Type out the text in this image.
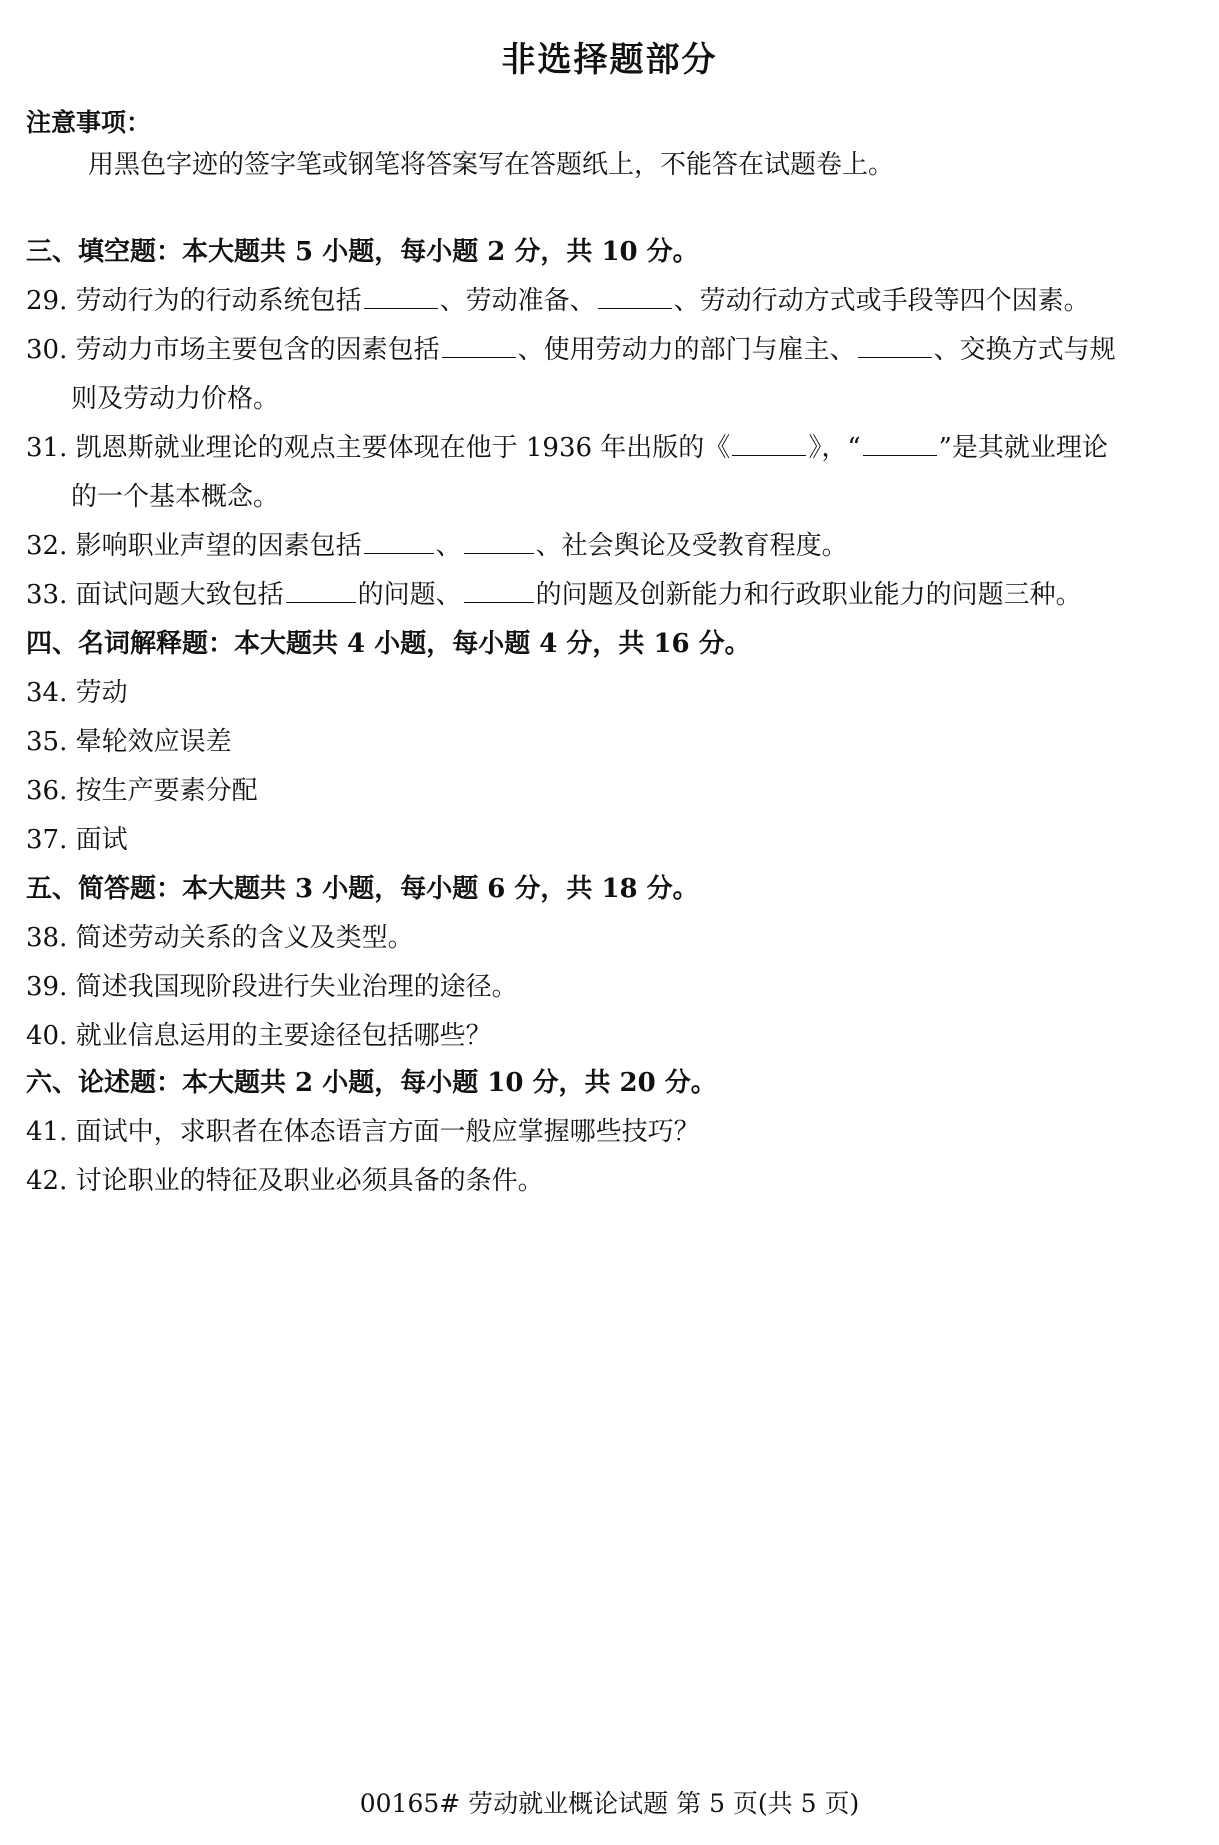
非选择题部分
注意事项：
用黑色字迹的签字笔或钢笔将答案写在答题纸上，不能答在试题卷上。
三、填空题：本大题共 5 小题，每小题 2 分，共 10 分。
29. 劳动行为的行动系统包括	、劳动准备、	、劳动行动方式或手段等四个因素。
30. 劳动力市场主要包含的因素包括	、使用劳动力的部门与雇主、	、交换方式与规
则及劳动力价格。
31. 凯恩斯就业理论的观点主要体现在他于 1936 年出版的《	》，“	”是其就业理论
的一个基本概念。
32. 影响职业声望的因素包括	、	、社会舆论及受教育程度。
33. 面试问题大致包括	的问题、	的问题及创新能力和行政职业能力的问题三种。
四、名词解释题：本大题共 4 小题，每小题 4 分，共 16 分。
34. 劳动
35. 晕轮效应误差
36. 按生产要素分配
37. 面试
五、简答题：本大题共 3 小题，每小题 6 分，共 18 分。
38. 简述劳动关系的含义及类型。
39. 简述我国现阶段进行失业治理的途径。
40. 就业信息运用的主要途径包括哪些？
六、论述题：本大题共 2 小题，每小题 10 分，共 20 分。
41. 面试中，求职者在体态语言方面一般应掌握哪些技巧？
42. 讨论职业的特征及职业必须具备的条件。
00165# 劳动就业概论试题 第 5 页(共 5 页)
